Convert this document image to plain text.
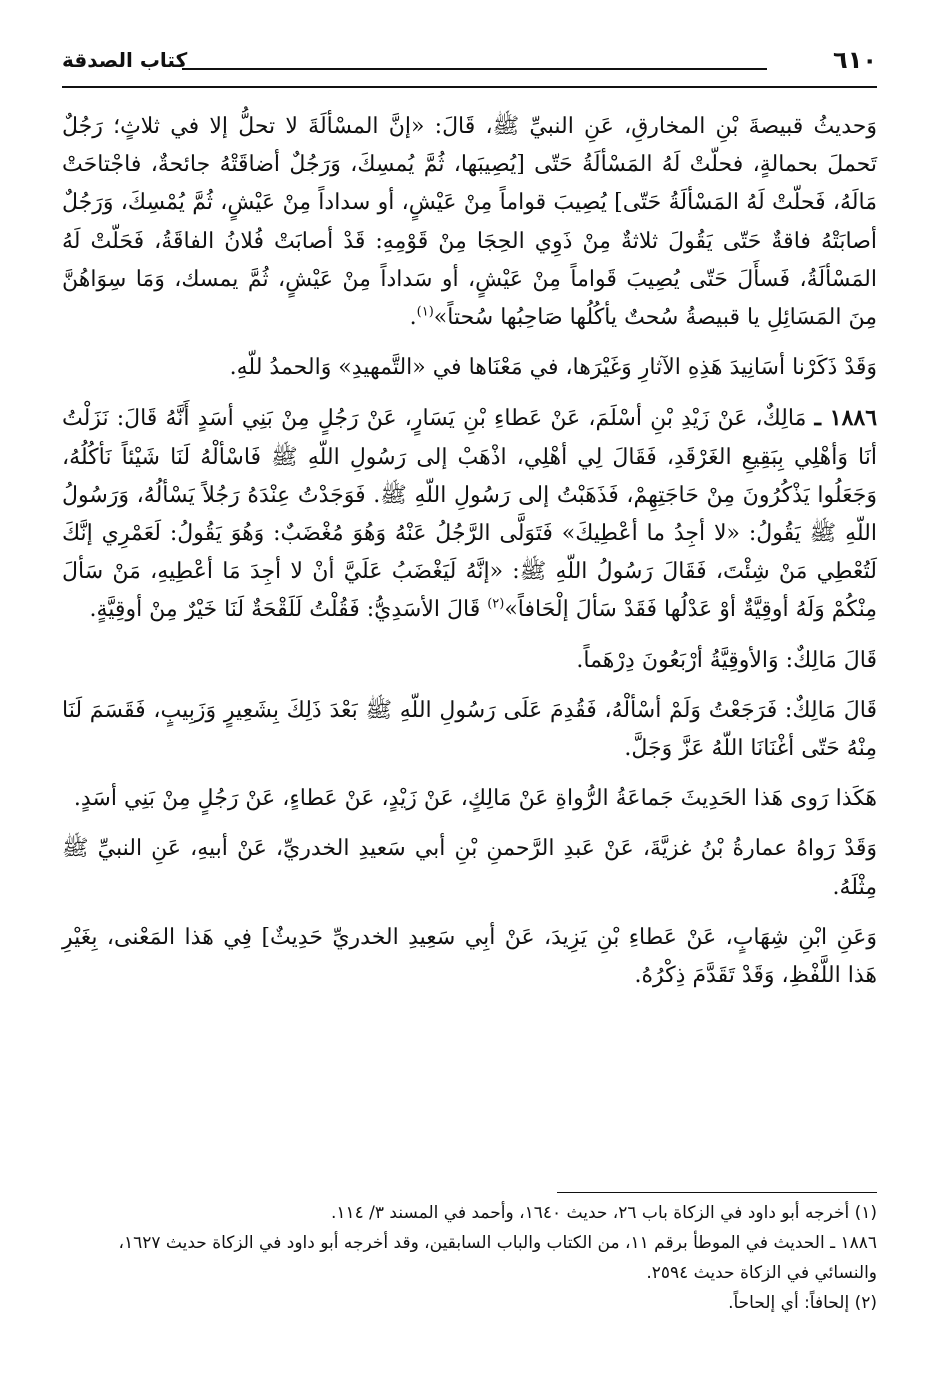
٦١٠
كتاب الصدقة

وَحديثُ قبيصةَ بْنِ المخارقِ، عَنِ النبيِّ ﷺ، قَالَ: «إنَّ المسْألَةَ لا تحلُّ إلا في ثلاثٍ؛ رَجُلٌ تَحملَ بحمالةٍ، فحلّتْ لَهُ المَسْألَةُ حَتّى [يُصِيبَها، ثُمَّ يُمسِكَ، وَرَجُلٌ أضاقَتْهُ جائحةٌ، فاجْتاحَتْ مَالَهُ، فَحلّتْ لَهُ المَسْألَةُ حَتّى] يُصِيبَ قواماً مِنْ عَيْشٍ، أو سداداً مِنْ عَيْشٍ، ثُمَّ يُمْسِكَ، وَرَجُلٌ أصابَتْهُ فاقةٌ حَتّى يَقُولَ ثلاثةٌ مِنْ ذَوِي الحِجَا مِنْ قَوْمِهِ: قَدْ أصابَتْ فُلانُ الفاقَةُ، فَحَلّتْ لَهُ المَسْألَةُ، فَسأَلَ حَتّى يُصِيبَ قَواماً مِنْ عَيْشٍ، أو سَداداً مِنْ عَيْشٍ، ثُمَّ يمسك، وَمَا سِوَاهُنَّ مِنَ المَسَائِلِ يا قبيصةُ سُحتٌ يأكُلُها صَاحِبُها سُحتاً»$^{(١)}$.

وَقَدْ ذَكَرْنا أسَانِيدَ هَذِهِ الآثارِ وَغَيْرَها، في مَعْنَاها في «التَّمهيدِ» وَالحمدُ للّهِ.

١٨٨٦ ـ مَالِكٌ، عَنْ زَيْدِ بْنِ أسْلَمَ، عَنْ عَطاءِ بْنِ يَسَارٍ، عَنْ رَجُلٍ مِنْ بَنِي أسَدٍ أَنَّهُ قَالَ: نَزَلْتُ أنَا وَأهْلِي بِبَقِيعِ الغَرْقَدِ، فَقَالَ لِي أهْلِي، اذْهَبْ إلى رَسُولِ اللّهِ ﷺ فَاسْألْهُ لَنَا شَيْئاً نَأكُلُهُ، وَجَعَلُوا يَذْكُرُونَ مِنْ حَاجَتِهِمْ، فَذَهَبْتُ إلى رَسُولِ اللّهِ ﷺ. فَوَجَدْتُ عِنْدَهُ رَجُلاً يَسْألُهُ، وَرَسُولُ اللّهِ ﷺ يَقُولُ: «لا أجِدُ ما أعْطِيكَ» فَتَوَلَّى الرَّجُلُ عَنْهُ وَهُوَ مُغْضَبٌ: وَهُوَ يَقُولُ: لَعَمْرِي إنَّكَ لَتُعْطِي مَنْ شِئْتَ، فَقَالَ رَسُولُ اللّهِ ﷺ: «إنَّهُ لَيَغْضَبُ عَلَيَّ أنْ لا أجِدَ مَا أعْطِيهِ، مَنْ سَألَ مِنْكُمْ وَلَهُ أوقِيَّةٌ أوْ عَدْلُها فَقَدْ سَألَ إلْحَافاً»$^{(٢)}$ قَالَ الأسَدِيُّ: فَقُلْتُ لَلَقْحَةٌ لَنَا خَيْرٌ مِنْ أوقِيَّةٍ.

قَالَ مَالِكٌ: وَالأوقِيَّةُ أرْبَعُونَ دِرْهَماً.

قَالَ مَالِكٌ: فَرَجَعْتُ وَلَمْ أسْألْهُ، فَقُدِمَ عَلَى رَسُولِ اللّهِ ﷺ بَعْدَ ذَلِكَ بِشَعِيرٍ وَزَبِيبٍ، فَقَسَمَ لَنَا مِنْهُ حَتّى أغْنَانَا اللّهُ عَزَّ وَجَلَّ.

هَكَذا رَوى هَذا الحَدِيثَ جَماعَةُ الرُّواةِ عَنْ مَالِكٍ، عَنْ زَيْدٍ، عَنْ عَطاءٍ، عَنْ رَجُلٍ مِنْ بَنِي أسَدٍ.

وَقَدْ رَواهُ عمارةُ بْنُ غزيَّةَ، عَنْ عَبدِ الرَّحمنِ بْنِ أبي سَعيدِ الخدريِّ، عَنْ أبيهِ، عَنِ النبيِّ ﷺ مِثْلَهُ.

وَعَنِ ابْنِ شِهَابٍ، عَنْ عَطاءِ بْنِ يَزِيدَ، عَنْ أبِي سَعِيدِ الخدريِّ حَدِيثٌ] فِي هَذا المَعْنى، بِغَيْرِ هَذا اللَّفْظِ، وَقَدْ تَقَدَّمَ ذِكْرُهُ.

(١) أخرجه أبو داود في الزكاة باب ٢٦، حديث ١٦٤٠، وأحمد في المسند ٣/ ١١٤.

١٨٨٦ ـ الحديث في الموطأ برقم ١١، من الكتاب والباب السابقين، وقد أخرجه أبو داود في الزكاة حديث ١٦٢٧، والنسائي في الزكاة حديث ٢٥٩٤.

(٢) إلحافاً: أي إلحاحاً.
